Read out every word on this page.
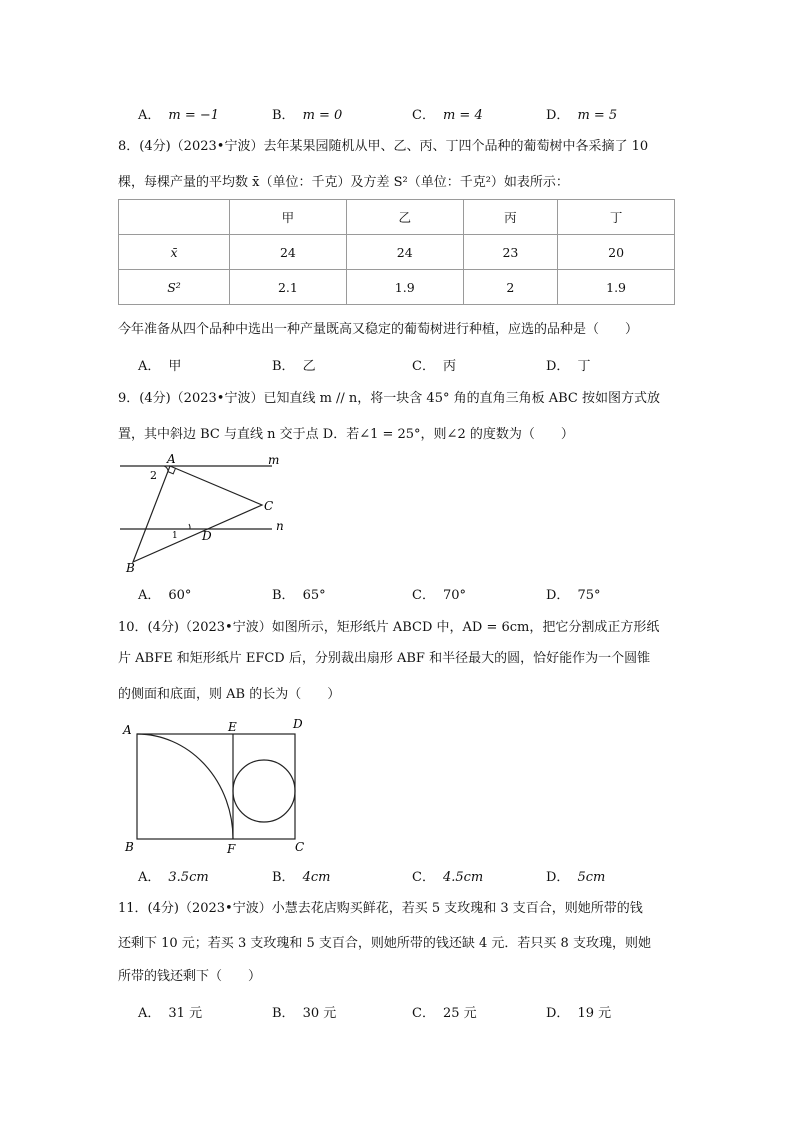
A． m = −1	B． m = 0	C． m = 4	D． m = 5
8．(4分)（2023•宁波）去年某果园随机从甲、乙、丙、丁四个品种的葡萄树中各采摘了 10
棵，每棵产量的平均数 x̄（单位：千克）及方差 S²（单位：千克²）如表所示：
	甲	乙	丙	丁
x̄	24	24	23	20
S²	2.1	1.9	2	1.9
今年准备从四个品种中选出一种产量既高又稳定的葡萄树进行种植，应选的品种是（　　）
A． 甲	B． 乙	C． 丙	D． 丁
9．(4分)（2023•宁波）已知直线 m // n，将一块含 45° 角的直角三角板 ABC 按如图方式放
置，其中斜边 BC 与直线 n 交于点 D．若∠1 = 25°，则∠2 的度数为（　　）
A	m
2
C
n
1 D
B
A． 60°	B． 65°	C． 70°	D． 75°
10．(4分)（2023•宁波）如图所示，矩形纸片 ABCD 中，AD = 6cm，把它分割成正方形纸
片 ABFE 和矩形纸片 EFCD 后，分别裁出扇形 ABF 和半径最大的圆，恰好能作为一个圆锥
的侧面和底面，则 AB 的长为（　　）
A	E	D
B	F	C
A． 3.5cm	B． 4cm	C． 4.5cm	D． 5cm
11．(4分)（2023•宁波）小慧去花店购买鲜花，若买 5 支玫瑰和 3 支百合，则她所带的钱
还剩下 10 元；若买 3 支玫瑰和 5 支百合，则她所带的钱还缺 4 元．若只买 8 支玫瑰，则她
所带的钱还剩下（　　）
A． 31 元	B． 30 元	C． 25 元	D． 19 元
